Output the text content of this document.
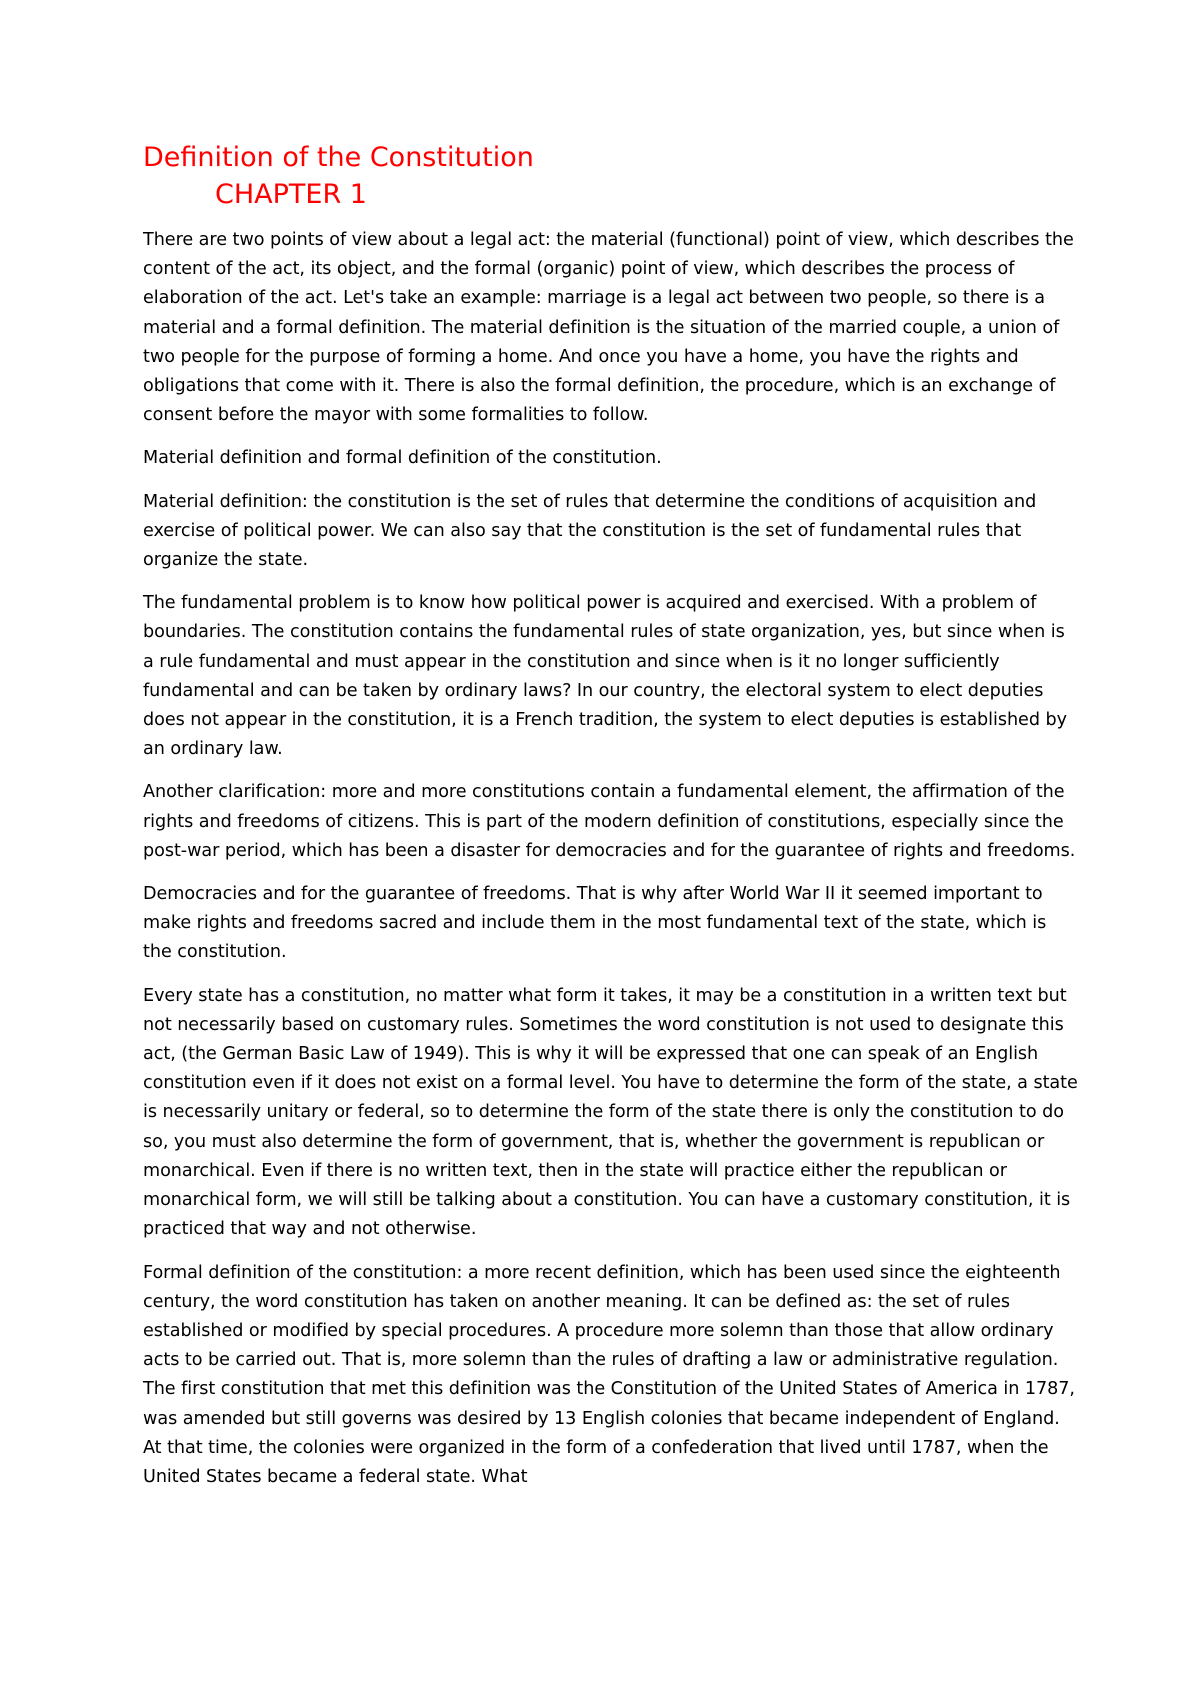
Definition of the Constitution
CHAPTER 1

There are two points of view about a legal act: the material (functional) point of view, which describes the content of the act, its object, and the formal (organic) point of view, which describes the process of elaboration of the act. Let's take an example: marriage is a legal act between two people, so there is a material and a formal definition. The material definition is the situation of the married couple, a union of two people for the purpose of forming a home. And once you have a home, you have the rights and obligations that come with it. There is also the formal definition, the procedure, which is an exchange of consent before the mayor with some formalities to follow.

Material definition and formal definition of the constitution.

Material definition: the constitution is the set of rules that determine the conditions of acquisition and exercise of political power. We can also say that the constitution is the set of fundamental rules that organize the state.

The fundamental problem is to know how political power is acquired and exercised. With a problem of boundaries. The constitution contains the fundamental rules of state organization, yes, but since when is a rule fundamental and must appear in the constitution and since when is it no longer sufficiently fundamental and can be taken by ordinary laws? In our country, the electoral system to elect deputies does not appear in the constitution, it is a French tradition, the system to elect deputies is established by an ordinary law.

Another clarification: more and more constitutions contain a fundamental element, the affirmation of the rights and freedoms of citizens. This is part of the modern definition of constitutions, especially since the post-war period, which has been a disaster for democracies and for the guarantee of rights and freedoms.

Democracies and for the guarantee of freedoms. That is why after World War II it seemed important to make rights and freedoms sacred and include them in the most fundamental text of the state, which is the constitution.

Every state has a constitution, no matter what form it takes, it may be a constitution in a written text but not necessarily based on customary rules. Sometimes the word constitution is not used to designate this act, (the German Basic Law of 1949). This is why it will be expressed that one can speak of an English constitution even if it does not exist on a formal level. You have to determine the form of the state, a state is necessarily unitary or federal, so to determine the form of the state there is only the constitution to do so, you must also determine the form of government, that is, whether the government is republican or monarchical. Even if there is no written text, then in the state will practice either the republican or monarchical form, we will still be talking about a constitution. You can have a customary constitution, it is practiced that way and not otherwise.

Formal definition of the constitution: a more recent definition, which has been used since the eighteenth century, the word constitution has taken on another meaning. It can be defined as: the set of rules established or modified by special procedures. A procedure more solemn than those that allow ordinary acts to be carried out. That is, more solemn than the rules of drafting a law or administrative regulation. The first constitution that met this definition was the Constitution of the United States of America in 1787, was amended but still governs was desired by 13 English colonies that became independent of England. At that time, the colonies were organized in the form of a confederation that lived until 1787, when the United States became a federal state. What
